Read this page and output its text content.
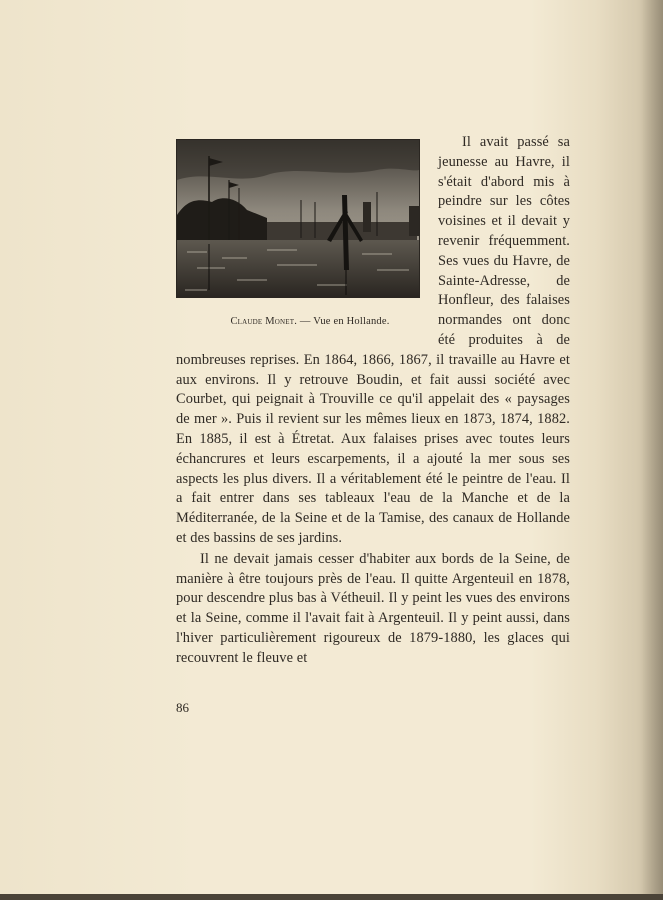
Claude Monet. — Vue en Hollande.
Il avait passé sa jeunesse au Havre, il s'était d'abord mis à peindre sur les côtes voisines et il devait y revenir fréquemment. Ses vues du Havre, de Sainte-Adresse, de Honfleur, des falaises normandes ont donc été produites à de nombreuses reprises. En 1864, 1866, 1867, il travaille au Havre et aux environs. Il y retrouve Boudin, et fait aussi société avec Courbet, qui peignait à Trouville ce qu'il appelait des « paysages de mer ». Puis il revient sur les mêmes lieux en 1873, 1874, 1882. En 1885, il est à Étretat. Aux falaises prises avec toutes leurs échancrures et leurs escarpements, il a ajouté la mer sous ses aspects les plus divers. Il a véritablement été le peintre de l'eau. Il a fait entrer dans ses tableaux l'eau de la Manche et de la Méditerranée, de la Seine et de la Tamise, des canaux de Hollande et des bassins de ses jardins.

Il ne devait jamais cesser d'habiter aux bords de la Seine, de manière à être toujours près de l'eau. Il quitte Argenteuil en 1878, pour descendre plus bas à Vétheuil. Il y peint les vues des environs et la Seine, comme il l'avait fait à Argenteuil. Il y peint aussi, dans l'hiver particulièrement rigoureux de 1879-1880, les glaces qui recouvrent le fleuve et

86
